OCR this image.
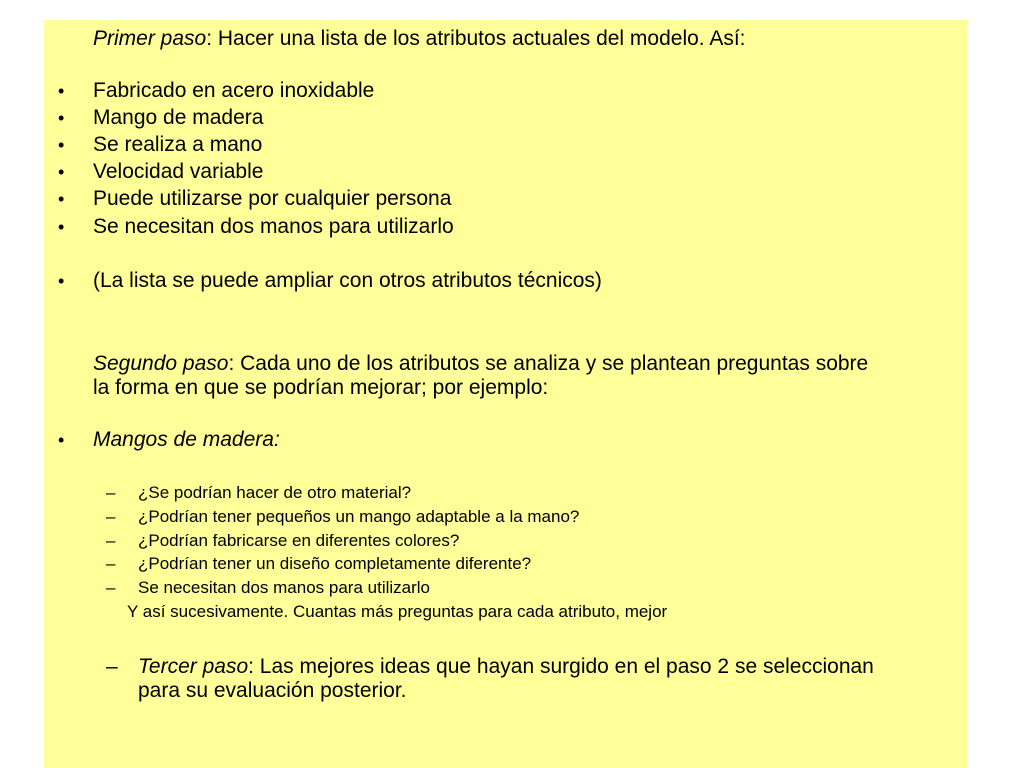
Primer paso: Hacer una lista de los atributos actuales del modelo. Así:
• Fabricado en acero inoxidable
• Mango de madera
• Se realiza a mano
• Velocidad variable
• Puede utilizarse por cualquier persona
• Se necesitan dos manos para utilizarlo
• (La lista se puede ampliar con otros atributos técnicos)
Segundo paso: Cada uno de los atributos se analiza y se plantean preguntas sobre
la forma en que se podrían mejorar; por ejemplo:
• Mangos de madera:
– ¿Se podrían hacer de otro material?
– ¿Podrían tener pequeños un mango adaptable a la mano?
– ¿Podrían fabricarse en diferentes colores?
– ¿Podrían tener un diseño completamente diferente?
– Se necesitan dos manos para utilizarlo
Y así sucesivamente. Cuantas más preguntas para cada atributo, mejor
– Tercer paso: Las mejores ideas que hayan surgido en el paso 2 se seleccionan
para su evaluación posterior.
